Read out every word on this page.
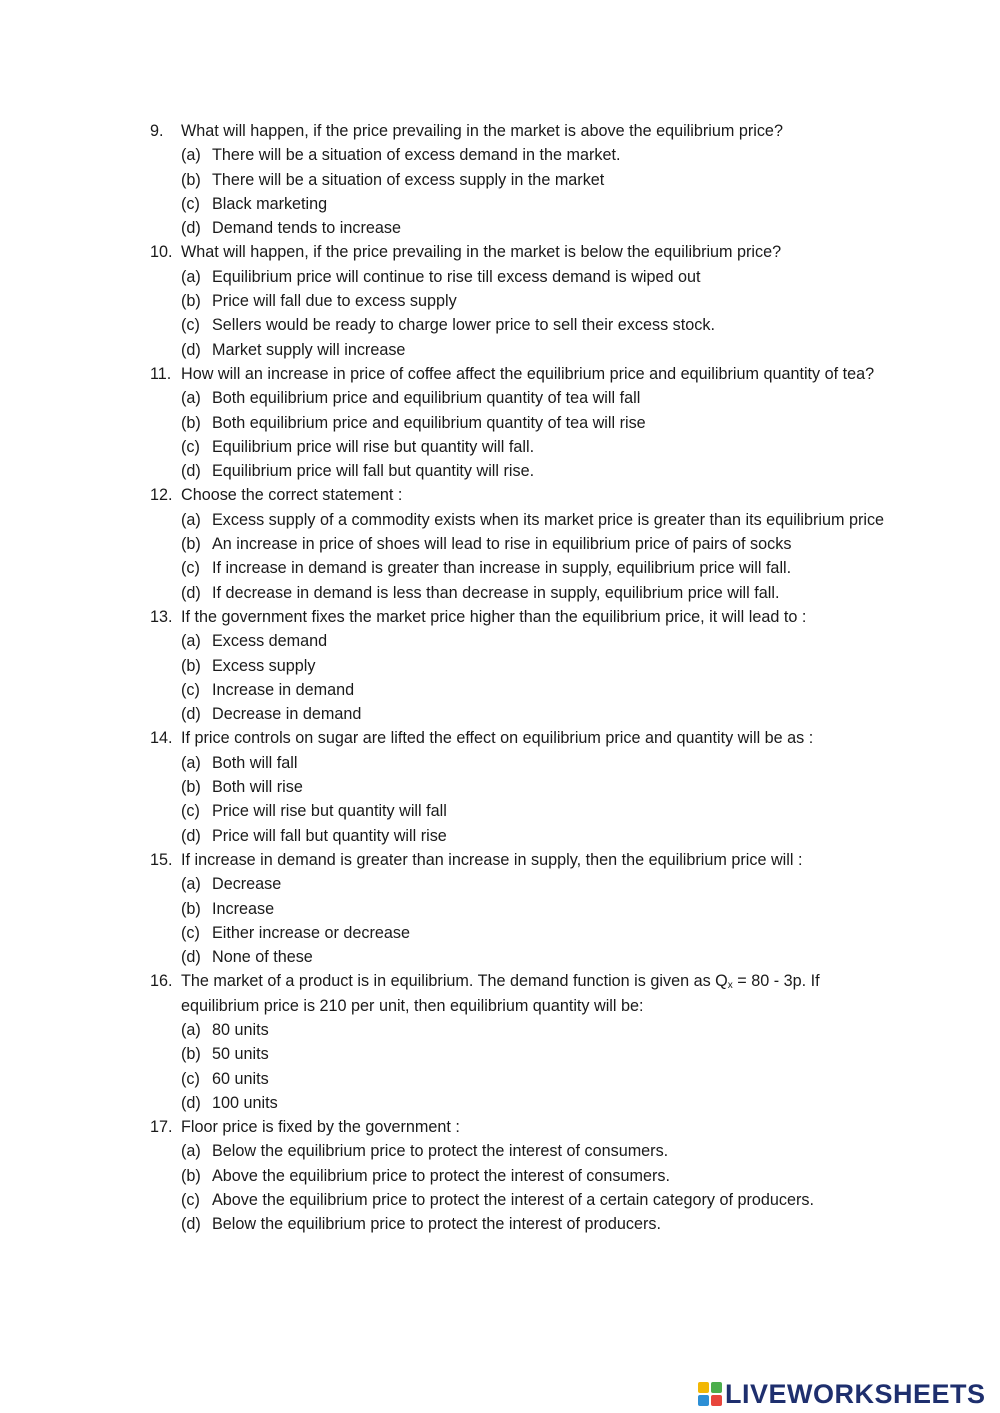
9.	What will happen, if the price prevailing in the market is above the equilibrium price?
(a) There will be a situation of excess demand in the market.
(b) There will be a situation of excess supply in the market
(c) Black marketing
(d) Demand tends to increase
10. What will happen, if the price prevailing in the market is below the equilibrium price?
(a) Equilibrium price will continue to rise till excess demand is wiped out
(b) Price will fall due to excess supply
(c) Sellers would be ready to charge lower price to sell their excess stock.
(d) Market supply will increase
11. How will an increase in price of coffee affect the equilibrium price and equilibrium quantity of tea?
(a) Both equilibrium price and equilibrium quantity of tea will fall
(b) Both equilibrium price and equilibrium quantity of tea will rise
(c) Equilibrium price will rise but quantity will fall.
(d) Equilibrium price will fall but quantity will rise.
12. Choose the correct statement :
(a) Excess supply of a commodity exists when its market price is greater than its equilibrium price
(b) An increase in price of shoes will lead to rise in equilibrium price of pairs of socks
(c) If increase in demand is greater than increase in supply, equilibrium price will fall.
(d) If decrease in demand is less than decrease in supply, equilibrium price will fall.
13. If the government fixes the market price higher than the equilibrium price, it will lead to :
(a) Excess demand
(b) Excess supply
(c) Increase in demand
(d) Decrease in demand
14. If price controls on sugar are lifted the effect on equilibrium price and quantity will be as :
(a) Both will fall
(b) Both will rise
(c) Price will rise but quantity will fall
(d) Price will fall but quantity will rise
15. If increase in demand is greater than increase in supply, then the equilibrium price will :
(a) Decrease
(b) Increase
(c) Either increase or decrease
(d) None of these
16. The market of a product is in equilibrium. The demand function is given as $Q_x = 80 - 3p$. If equilibrium price is 210 per unit, then equilibrium quantity will be:
(a) 80 units
(b) 50 units
(c) 60 units
(d) 100 units
17. Floor price is fixed by the government :
(a) Below the equilibrium price to protect the interest of consumers.
(b) Above the equilibrium price to protect the interest of consumers.
(c) Above the equilibrium price to protect the interest of a certain category of producers.
(d) Below the equilibrium price to protect the interest of producers.
LIVEWORKSHEETS
